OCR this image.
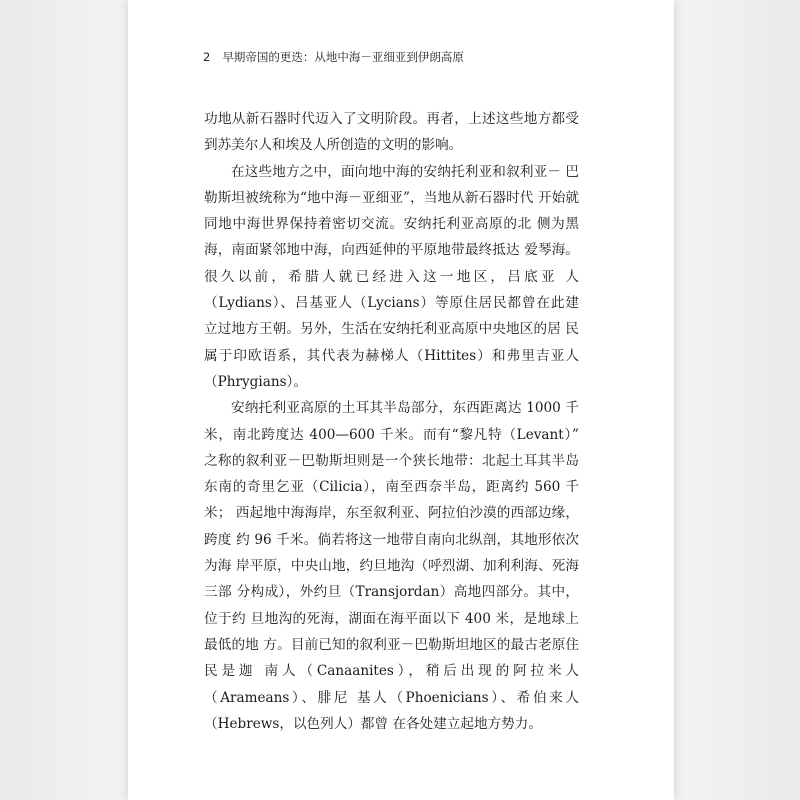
2 早期帝国的更迭：从地中海－亚细亚到伊朗高原

功地从新石器时代迈入了文明阶段。再者，上述这些地方都受 到苏美尔人和埃及人所创造的文明的影响。

在这些地方之中，面向地中海的安纳托利亚和叙利亚－ 巴勒斯坦被统称为“地中海－亚细亚”，当地从新石器时代 开始就同地中海世界保持着密切交流。安纳托利亚高原的北 侧为黑海，南面紧邻地中海，向西延伸的平原地带最终抵达 爱琴海。很久以前，希腊人就已经进入这一地区，吕底亚 人（Lydians）、吕基亚人（Lycians）等原住居民都曾在此建 立过地方王朝。另外，生活在安纳托利亚高原中央地区的居 民属于印欧语系，其代表为赫梯人（Hittites）和弗里吉亚人 （Phrygians）。

安纳托利亚高原的土耳其半岛部分，东西距离达 1000 千 米，南北跨度达 400—600 千米。而有“黎凡特（Levant）” 之称的叙利亚－巴勒斯坦则是一个狭长地带：北起土耳其半岛 东南的奇里乞亚（Cilicia），南至西奈半岛，距离约 560 千米； 西起地中海海岸，东至叙利亚、阿拉伯沙漠的西部边缘，跨度 约 96 千米。倘若将这一地带自南向北纵剖，其地形依次为海 岸平原，中央山地，约旦地沟（呼烈湖、加利利海、死海三部 分构成），外约旦（Transjordan）高地四部分。其中，位于约 旦地沟的死海，湖面在海平面以下 400 米，是地球上最低的地 方。目前已知的叙利亚－巴勒斯坦地区的最古老原住民是迦 南人（Canaanites），稍后出现的阿拉米人（Arameans）、腓尼 基人（Phoenicians）、希伯来人（Hebrews，以色列人）都曾 在各处建立起地方势力。
